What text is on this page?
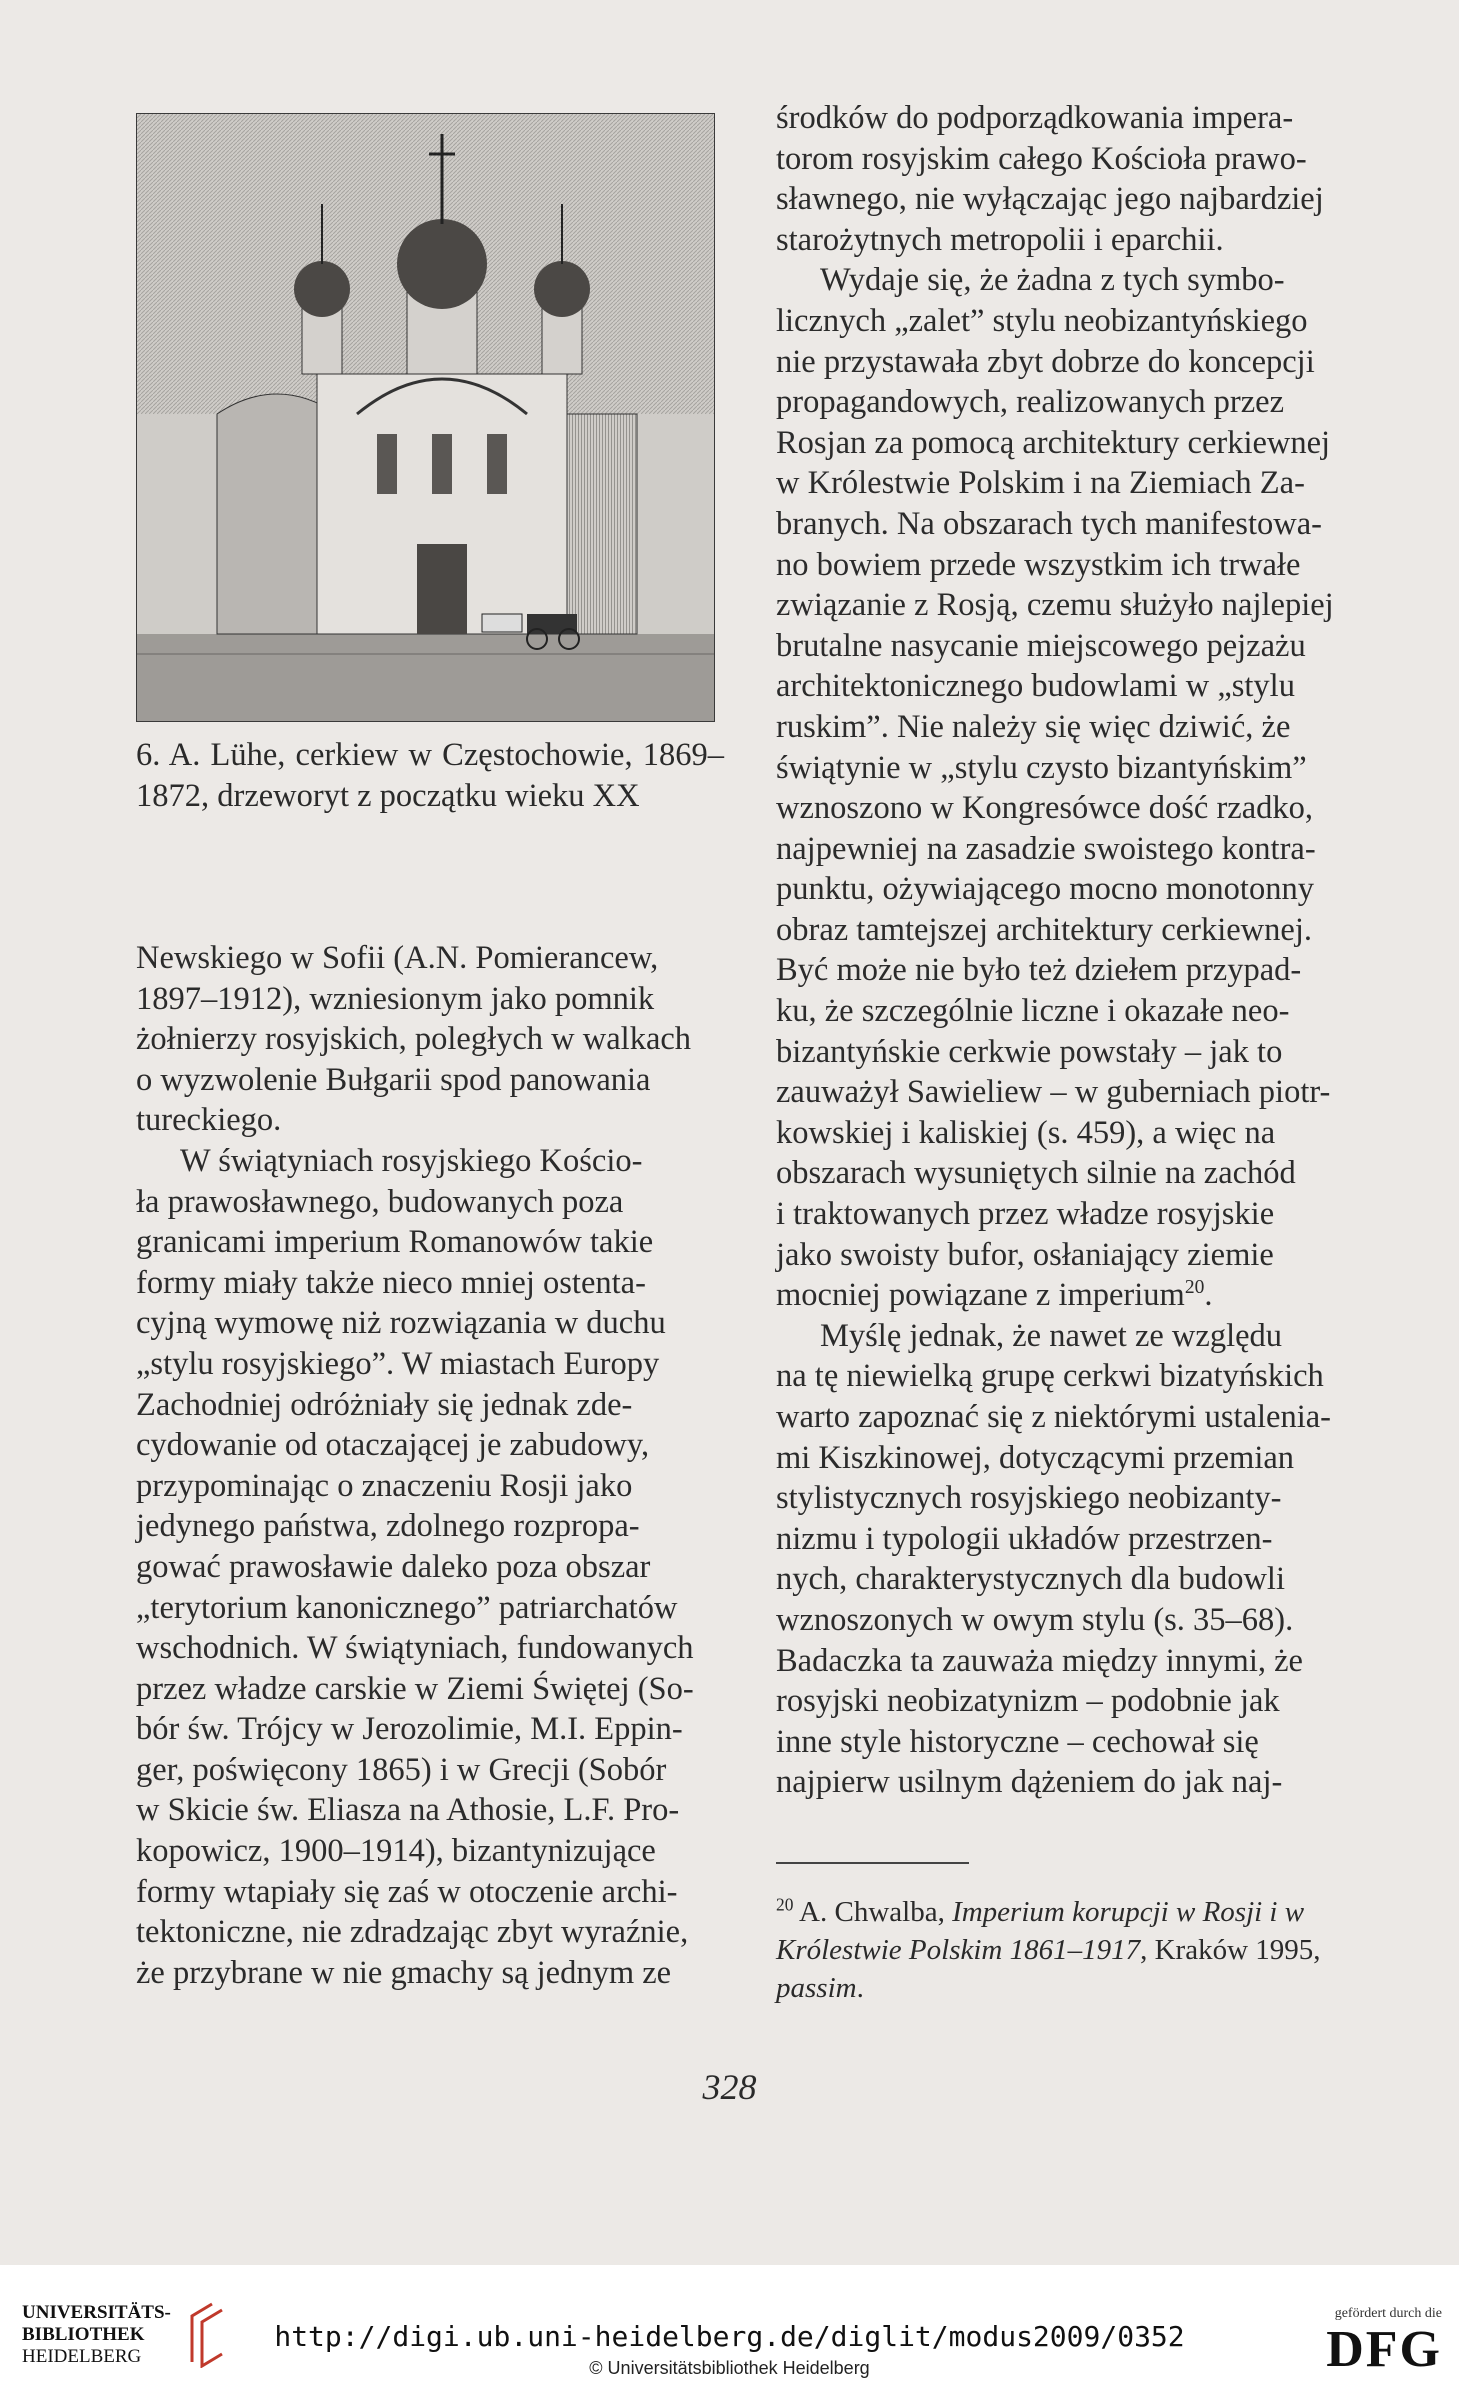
6. A. Lühe, cerkiew w Częstochowie, 1869–1872, drzeworyt z początku wieku XX
Newskiego w Sofii (A.N. Pomierancew,
1897–1912), wzniesionym jako pomnik
żołnierzy rosyjskich, poległych w walkach
o wyzwolenie Bułgarii spod panowania
tureckiego.
W świątyniach rosyjskiego Kościo-
ła prawosławnego, budowanych poza
granicami imperium Romanowów takie
formy miały także nieco mniej ostenta-
cyjną wymowę niż rozwiązania w duchu
„stylu rosyjskiego”. W miastach Europy
Zachodniej odróżniały się jednak zde-
cydowanie od otaczającej je zabudowy,
przypominając o znaczeniu Rosji jako
jedynego państwa, zdolnego rozpropa-
gować prawosławie daleko poza obszar
„terytorium kanonicznego” patriarchatów
wschodnich. W świątyniach, fundowanych
przez władze carskie w Ziemi Świętej (So-
bór św. Trójcy w Jerozolimie, M.I. Eppin-
ger, poświęcony 1865) i w Grecji (Sobór
w Skicie św. Eliasza na Athosie, L.F. Pro-
kopowicz, 1900–1914), bizantynizujące
formy wtapiały się zaś w otoczenie archi-
tektoniczne, nie zdradzając zbyt wyraźnie,
że przybrane w nie gmachy są jednym ze
środków do podporządkowania impera-
torom rosyjskim całego Kościoła prawo-
sławnego, nie wyłączając jego najbardziej
starożytnych metropolii i eparchii.
Wydaje się, że żadna z tych symbo-
licznych „zalet” stylu neobizantyńskiego
nie przystawała zbyt dobrze do koncepcji
propagandowych, realizowanych przez
Rosjan za pomocą architektury cerkiewnej
w Królestwie Polskim i na Ziemiach Za-
branych. Na obszarach tych manifestowa-
no bowiem przede wszystkim ich trwałe
związanie z Rosją, czemu służyło najlepiej
brutalne nasycanie miejscowego pejzażu
architektonicznego budowlami w „stylu
ruskim”. Nie należy się więc dziwić, że
świątynie w „stylu czysto bizantyńskim”
wznoszono w Kongresówce dość rzadko,
najpewniej na zasadzie swoistego kontra-
punktu, ożywiającego mocno monotonny
obraz tamtejszej architektury cerkiewnej.
Być może nie było też dziełem przypad-
ku, że szczególnie liczne i okazałe neo-
bizantyńskie cerkwie powstały – jak to
zauważył Sawieliew – w guberniach piotr-
kowskiej i kaliskiej (s. 459), a więc na
obszarach wysuniętych silnie na zachód
i traktowanych przez władze rosyjskie
jako swoisty bufor, osłaniający ziemie
mocniej powiązane z imperium$^{20}$.
Myślę jednak, że nawet ze względu
na tę niewielką grupę cerkwi bizatyńskich
warto zapoznać się z niektórymi ustalenia-
mi Kiszkinowej, dotyczącymi przemian
stylistycznych rosyjskiego neobizanty-
nizmu i typologii układów przestrzen-
nych, charakterystycznych dla budowli
wznoszonych w owym stylu (s. 35–68).
Badaczka ta zauważa między innymi, że
rosyjski neobizatynizm – podobnie jak
inne style historyczne – cechował się
najpierw usilnym dążeniem do jak naj-
$^{20}$ A. Chwalba, Imperium korupcji w Rosji i w Królestwie Polskim 1861–1917, Kraków 1995, passim.
328
UNIVERSITÄTS-
BIBLIOTHEK
HEIDELBERG
http://digi.ub.uni-heidelberg.de/diglit/modus2009/0352
© Universitätsbibliothek Heidelberg
gefördert durch die
DFG
